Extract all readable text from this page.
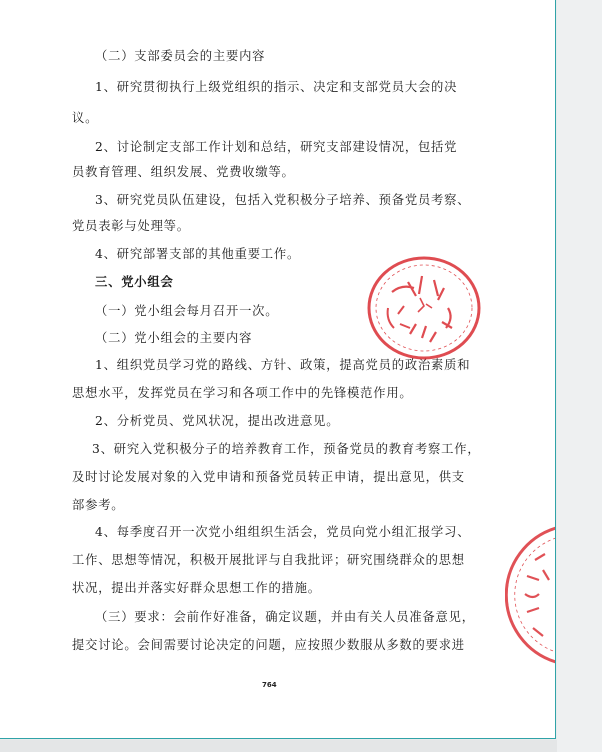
（二）支部委员会的主要内容
1、研究贯彻执行上级党组织的指示、决定和支部党员大会的决
议。
2、讨论制定支部工作计划和总结，研究支部建设情况，包括党
员教育管理、组织发展、党费收缴等。
3、研究党员队伍建设，包括入党积极分子培养、预备党员考察、
党员表彰与处理等。
4、研究部署支部的其他重要工作。
三、党小组会
（一）党小组会每月召开一次。
（二）党小组会的主要内容
1、组织党员学习党的路线、方针、政策，提高党员的政治素质和
思想水平，发挥党员在学习和各项工作中的先锋模范作用。
2、分析党员、党风状况，提出改进意见。
3、研究入党积极分子的培养教育工作，预备党员的教育考察工作，
及时讨论发展对象的入党申请和预备党员转正申请，提出意见，供支
部参考。
4、每季度召开一次党小组组织生活会，党员向党小组汇报学习、
工作、思想等情况，积极开展批评与自我批评；研究围绕群众的思想
状况，提出并落实好群众思想工作的措施。
（三）要求：会前作好准备，确定议题，并由有关人员准备意见，
提交讨论。会间需要讨论决定的问题，应按照少数服从多数的要求进
764
